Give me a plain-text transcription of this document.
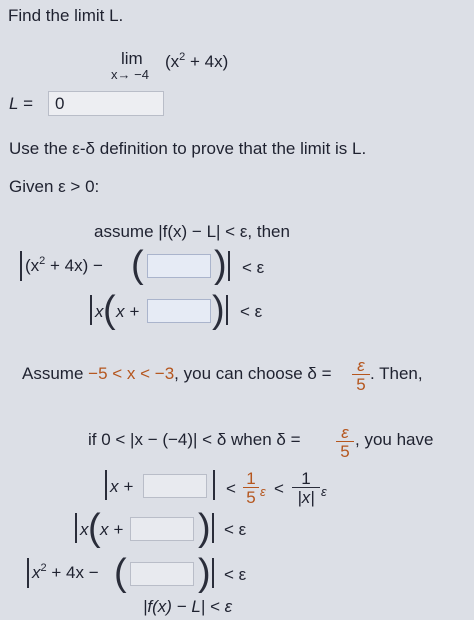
Find the limit L.
lim
x→ −4
$(x^2 + 4x)$
L = 0
Use the ε-δ definition to prove that the limit is L.
Given ε > 0:
assume |f(x) − L| < ε, then
$(x^2 + 4x)$ − ( ) < ε
x ( x + ) < ε
Assume −5 < x < −3, you can choose $\delta = \frac{\varepsilon}{5}$ . Then,
if 0 < |x − (−4)| < δ when $\delta = \frac{\varepsilon}{5}$ , you have
x +	< $\frac{1}{5}$ $\varepsilon < \frac{1}{|x|}$ ε
x ( x + ) < ε
$x^2 + 4x$ − ( ) < ε
|f(x) − L| < ε
